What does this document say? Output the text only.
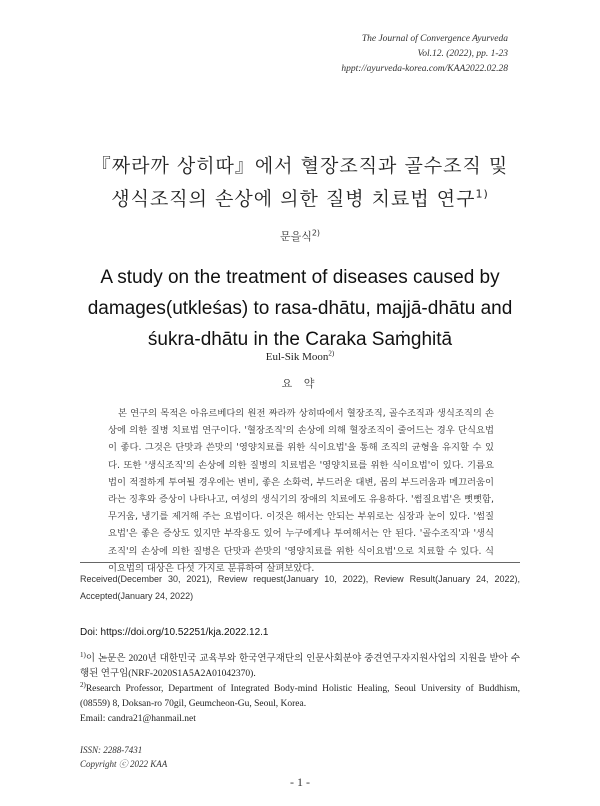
The Journal of Convergence Ayurveda
Vol.12. (2022), pp. 1-23
hppt://ayurveda-korea.com/KAA2022.02.28
『짜라까 상히따』에서 혈장조직과 골수조직 및
생식조직의 손상에 의한 질병 치료법 연구$^{1)}$
문을식$^{2)}$
A study on the treatment of diseases caused by
damages(utkleśas) to rasa-dhātu, majjā-dhātu and
śukra-dhātu in the Caraka Saṁghitā
Eul-Sik Moon$^{2)}$
요 약

본 연구의 목적은 아유르베다의 원전 짜라까 상히따에서 혈장조직, 골수조직과 생식조직의 손상에 의한 질병 치료법 연구이다. '혈장조직'의 손상에 의해 혈장조직이 줄어드는 경우 단식요법이 좋다. 그것은 단맛과 쓴맛의 '영양치료를 위한 식이요법'을 통해 조직의 균형을 유지할 수 있다. 또한 '생식조직'의 손상에 의한 질병의 치료법은 '영양치료를 위한 식이요법'이 있다. 기름요법이 적절하게 투여될 경우에는 변비, 좋은 소화력, 부드러운 대변, 몸의 부드러움과 메끄러움이라는 징후와 증상이 나타나고, 여성의 생식기의 장애의 치료에도 유용하다. '썸질요법'은 뻣뻣함, 무거움, 냉기를 제거해 주는 요법이다. 이것은 해서는 안되는 부위로는 심장과 눈이 있다. '썸질요법'은 좋은 증상도 있지만 부작용도 있어 누구에게나 투여해서는 안 된다. '골수조직'과 '생식조직'의 손상에 의한 질병은 단맛과 쓴맛의 '영양치료를 위한 식이요법'으로 치료할 수 있다. 식이요법의 대상은 다섯 가지로 분류하여 살펴보았다.

Received(December 30, 2021), Review request(January 10, 2022), Review Result(January 24, 2022), Accepted(January 24, 2022)
Doi: https://doi.org/10.52251/kja.2022.12.1

$^{1)}$이 논문은 2020년 대한민국 교육부와 한국연구재단의 인문사회분야 중견연구자지원사업의 지원을 받아 수행된 연구임(NRF-2020S1A5A2A01042370).

$^{2)}$Research Professor, Department of Integrated Body-mind Holistic Healing, Seoul University of Buddhism, (08559) 8, Doksan-ro 70gil, Geumcheon-Gu, Seoul, Korea.

Email: candra21@hanmail.net

ISSN: 2288-7431
Copyright ⓒ 2022 KAA
- 1 -
